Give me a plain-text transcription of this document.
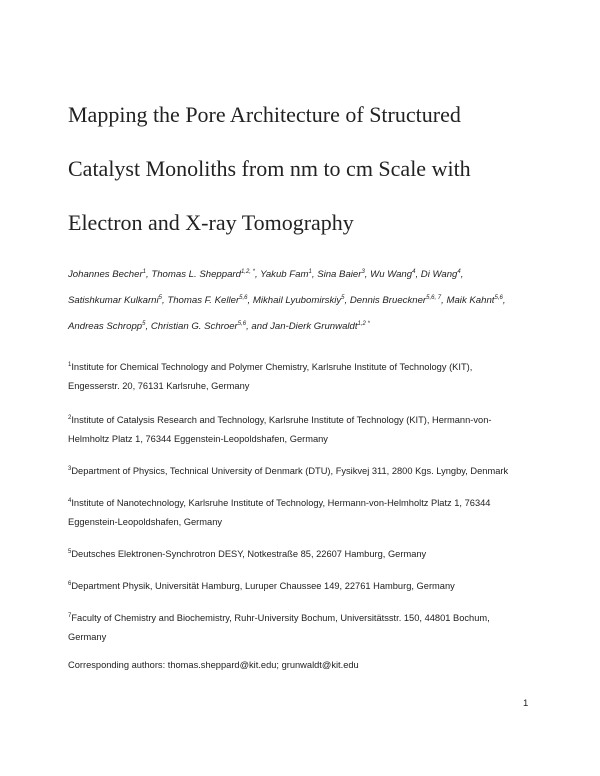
Mapping the Pore Architecture of Structured
Catalyst Monoliths from nm to cm Scale with
Electron and X-ray Tomography
Johannes Becher$^1$, Thomas L. Sheppard$^{1,2, *}$, Yakub Fam$^1$, Sina Baier$^3$, Wu Wang$^4$, Di Wang$^4$, Satishkumar Kulkarni$^5$, Thomas F. Keller$^{5,6}$, Mikhail Lyubomirskiy$^5$, Dennis Brueckner$^{5,6, 7}$, Maik Kahnt$^{5,6}$, Andreas Schropp$^5$, Christian G. Schroer$^{5,6}$, and Jan-Dierk Grunwaldt$^{1,2 *}$
$^1$Institute for Chemical Technology and Polymer Chemistry, Karlsruhe Institute of Technology (KIT),
Engesserstr. 20, 76131 Karlsruhe, Germany
$^2$Institute of Catalysis Research and Technology, Karlsruhe Institute of Technology (KIT), Hermann-von-
Helmholtz Platz 1, 76344 Eggenstein-Leopoldshafen, Germany
$^3$Department of Physics, Technical University of Denmark (DTU), Fysikvej 311, 2800 Kgs. Lyngby, Denmark
$^4$Institute of Nanotechnology, Karlsruhe Institute of Technology, Hermann-von-Helmholtz Platz 1, 76344
Eggenstein-Leopoldshafen, Germany
$^5$Deutsches Elektronen-Synchrotron DESY, Notkestraße 85, 22607 Hamburg, Germany
$^6$Department Physik, Universität Hamburg, Luruper Chaussee 149, 22761 Hamburg, Germany
$^7$Faculty of Chemistry and Biochemistry, Ruhr-University Bochum, Universitätsstr. 150, 44801 Bochum,
Germany
Corresponding authors: thomas.sheppard@kit.edu; grunwaldt@kit.edu
1
